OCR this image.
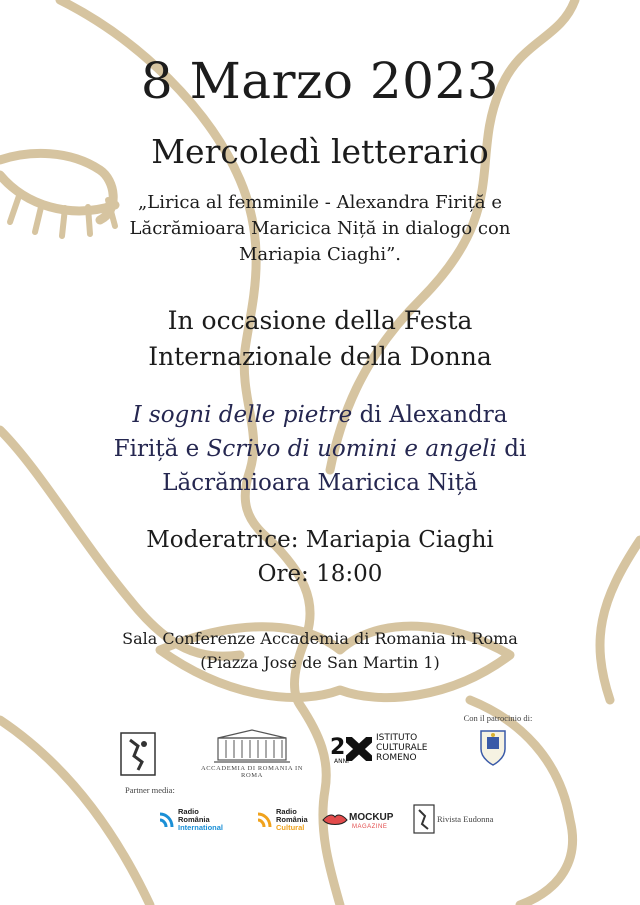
8 Marzo 2023
Mercoledì letterario
„Lirica al femminile - Alexandra Firiță e
Lăcrămioara Maricica Niță in dialogo con
Mariapia Ciaghi”.
In occasione della Festa
Internazionale della Donna
I sogni delle pietre di Alexandra
Firiță e Scrivo di uomini e angeli di
Lăcrămioara Maricica Niță
Moderatrice: Mariapia Ciaghi
Ore: 18:00
Sala Conferenze Accademia di Romania in Roma
(Piazza Jose de San Martin 1)
ACCADEMIA DI ROMANIA IN ROMA
2
ANNI
ISTITUTO
CULTURALE
ROMENO
Con il patrocinio di:
Partner media:
Radio
România
International
Radio
România
Cultural
MOCKUP
MAGAZINE
Rivista Eudonna
